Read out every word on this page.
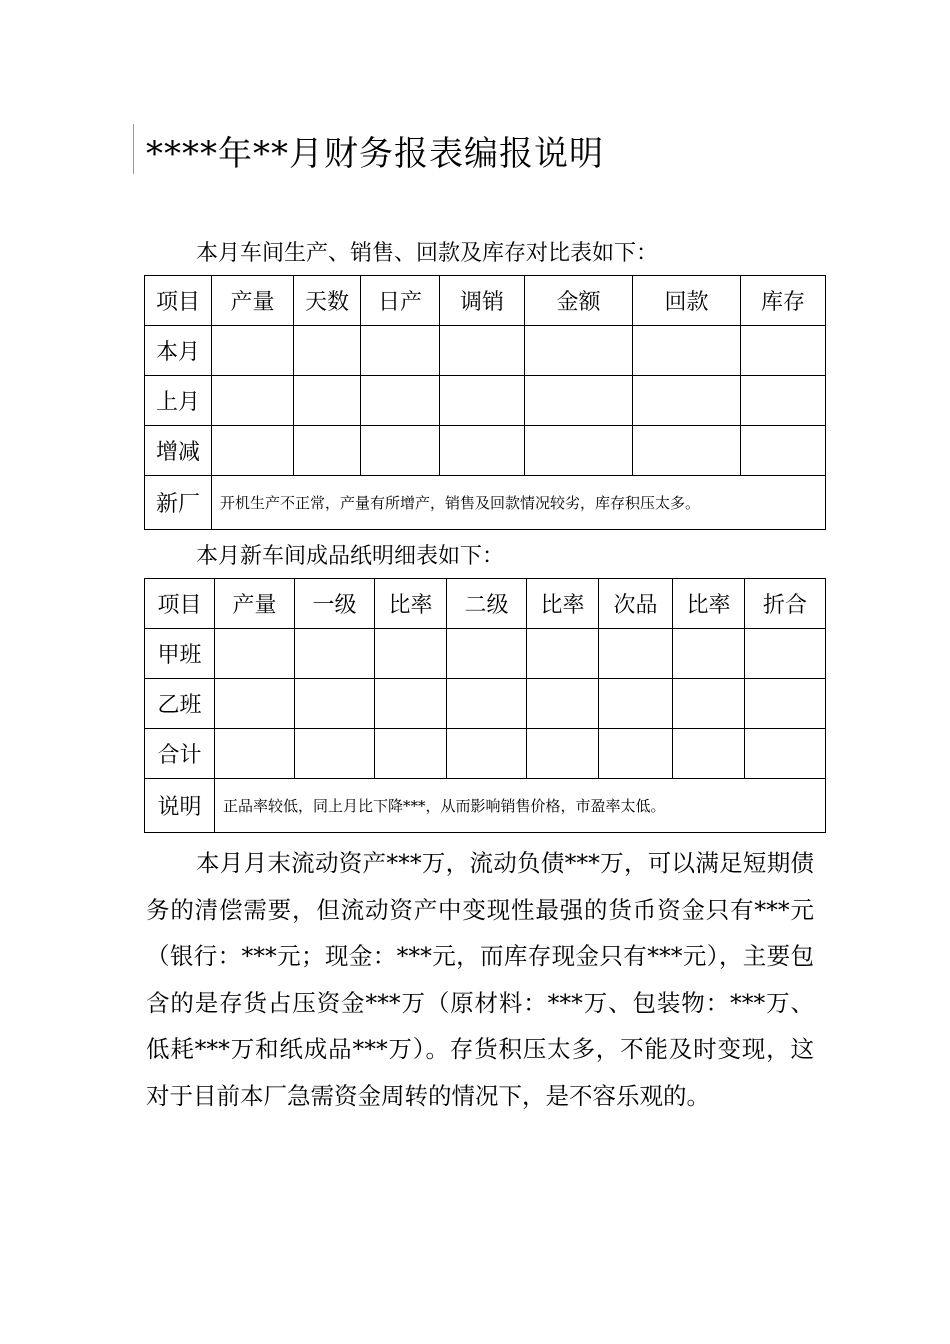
****年**月财务报表编报说明

本月车间生产、销售、回款及库存对比表如下：

项目	产量	天数	日产	调销	金额	回款	库存
本月							
上月							
增减							
新厂	开机生产不正常，产量有所增产，销售及回款情况较劣，库存积压太多。						

本月新车间成品纸明细表如下：

项目	产量	一级	比率	二级	比率	次品	比率	折合
甲班								
乙班								
合计								
说明	正品率较低，同上月比下降***，从而影响销售价格，市盈率太低。							

本月月末流动资产***万，流动负债***万，可以满足短期债务的清偿需要，但流动资产中变现性最强的货币资金只有***元（银行：***元；现金：***元，而库存现金只有***元），主要包含的是存货占压资金***万（原材料：***万、包装物：***万、低耗***万和纸成品***万）。存货积压太多，不能及时变现，这对于目前本厂急需资金周转的情况下，是不容乐观的。
